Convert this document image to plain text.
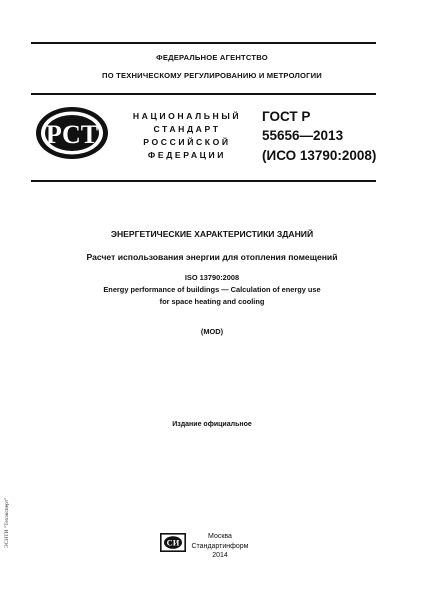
ФЕДЕРАЛЬНОЕ АГЕНТСТВО
ПО ТЕХНИЧЕСКОМУ РЕГУЛИРОВАНИЮ И МЕТРОЛОГИИ
РСТ
НАЦИОНАЛЬНЫЙ
СТАНДАРТ
РОССИЙСКОЙ
ФЕДЕРАЦИИ
ГОСТ Р
55656—2013
(ИСО 13790:2008)
ЭНЕРГЕТИЧЕСКИЕ ХАРАКТЕРИСТИКИ ЗДАНИЙ
Расчет использования энергии для отопления помещений
ISO 13790:2008
Energy performance of buildings — Calculation of energy use
for space heating and cooling
(MOD)
Издание официальное
ЭСНТИ "Техэксперт"	СИ
Москва
Стандартинформ
2014
